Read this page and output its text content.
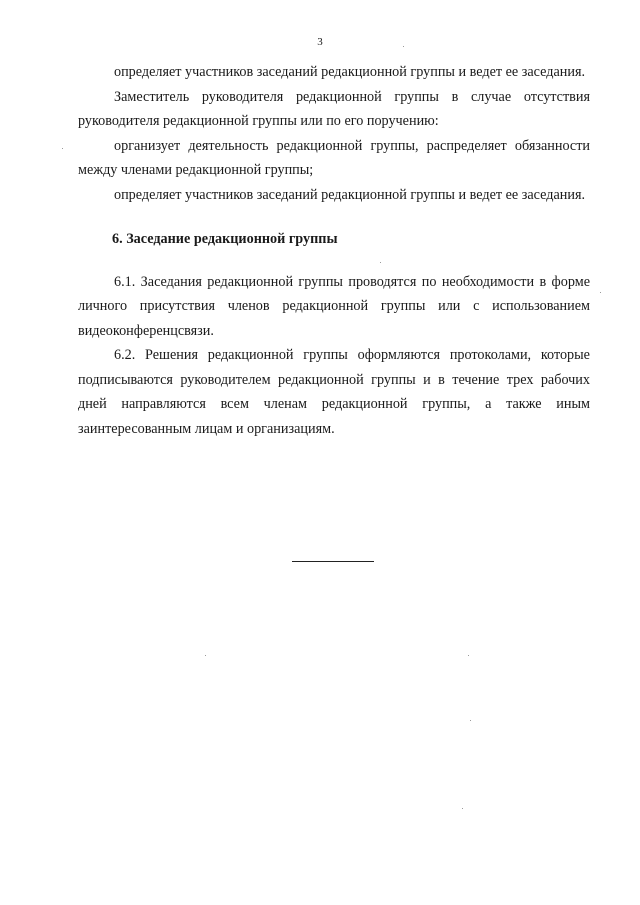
3

определяет участников заседаний редакционной группы и ведет ее заседания.

Заместитель руководителя редакционной группы в случае отсутствия руководителя редакционной группы или по его поручению:

организует деятельность редакционной группы, распределяет обязанности между членами редакционной группы;

определяет участников заседаний редакционной группы и ведет ее заседания.

6. Заседание редакционной группы

6.1. Заседания редакционной группы проводятся по необходимости в форме личного присутствия членов редакционной группы или с использованием видеоконференцсвязи.

6.2. Решения редакционной группы оформляются протоколами, которые подписываются руководителем редакционной группы и в течение трех рабочих дней направляются всем членам редакционной группы, а также иным заинтересованным лицам и организациям.
